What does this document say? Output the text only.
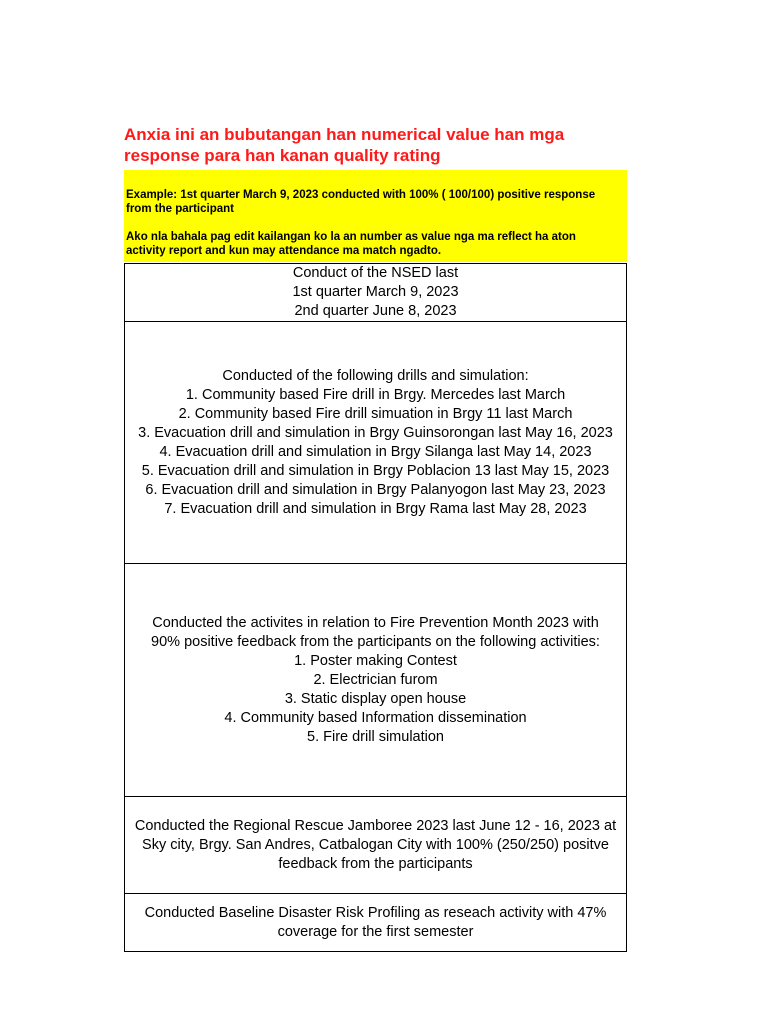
Anxia ini an bubutangan han numerical value han mga
response para han kanan quality rating

Example: 1st quarter March 9, 2023 conducted with 100% ( 100/100) positive response

from the participant

Ako nla bahala pag edit kailangan ko la an number as value nga ma reflect ha aton

activity report and kun may attendance ma match ngadto.

Conduct of the NSED last
1st quarter March 9, 2023
2nd quarter June 8, 2023
Conducted of the following drills and simulation:
1. Community based Fire drill in Brgy. Mercedes last March
2. Community based Fire drill simuation in Brgy 11 last March
3. Evacuation drill and simulation in Brgy Guinsorongan last May 16, 2023
4. Evacuation drill and simulation in Brgy Silanga last May 14, 2023
5. Evacuation drill and simulation in Brgy Poblacion 13 last May 15, 2023
6. Evacuation drill and simulation in Brgy Palanyogon last May 23, 2023
7. Evacuation drill and simulation in Brgy Rama last May 28, 2023
Conducted the activites in relation to Fire Prevention Month 2023 with
90% positive feedback from the participants on the following activities:
1. Poster making Contest
2. Electrician furom
3. Static display open house
4. Community based Information dissemination
5. Fire drill simulation
Conducted the Regional Rescue Jamboree 2023 last June 12 - 16, 2023 at
Sky city, Brgy. San Andres, Catbalogan City with 100% (250/250) positve
feedback from the participants
Conducted Baseline Disaster Risk Profiling as reseach activity with 47%
coverage for the first semester
